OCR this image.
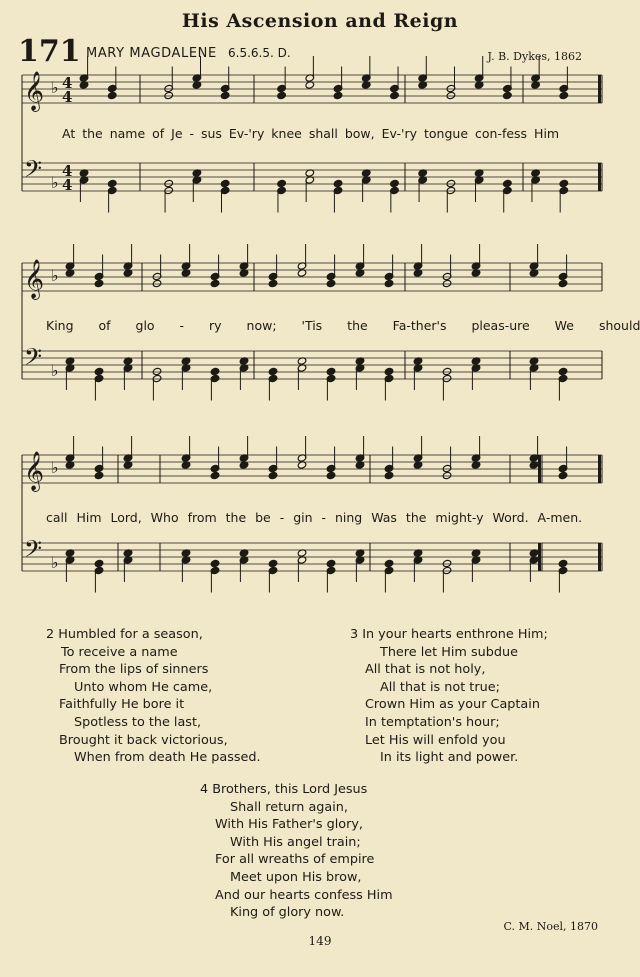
His Ascension and Reign
171 MARY MAGDALENE 6.5.6.5. D.	J. B. Dykes, 1862
𝄞 ♭ 4
4
𝄢 ♭
4
4
𝄞 ♭
𝄢 ♭
𝄞 ♭
𝄢 ♭
At the name of Je - sus Ev-'ry knee shall bow, Ev-'ry tongue con-fess Him
King of glo - ry now; 'Tis the Fa-ther's pleas-ure We should
call Him Lord, Who from the be - gin - ning Was the might-y Word. A-men.
2 Humbled for a season,
To receive a name
From the lips of sinners
Unto whom He came,
Faithfully He bore it
Spotless to the last,
Brought it back victorious,
When from death He passed.
3 In your hearts enthrone Him;
There let Him subdue
All that is not holy,
All that is not true;
Crown Him as your Captain
In temptation's hour;
Let His will enfold you
In its light and power.
4 Brothers, this Lord Jesus
Shall return again,
With His Father's glory,
With His angel train;
For all wreaths of empire
Meet upon His brow,
And our hearts confess Him
King of glory now.
C. M. Noel, 1870
149
